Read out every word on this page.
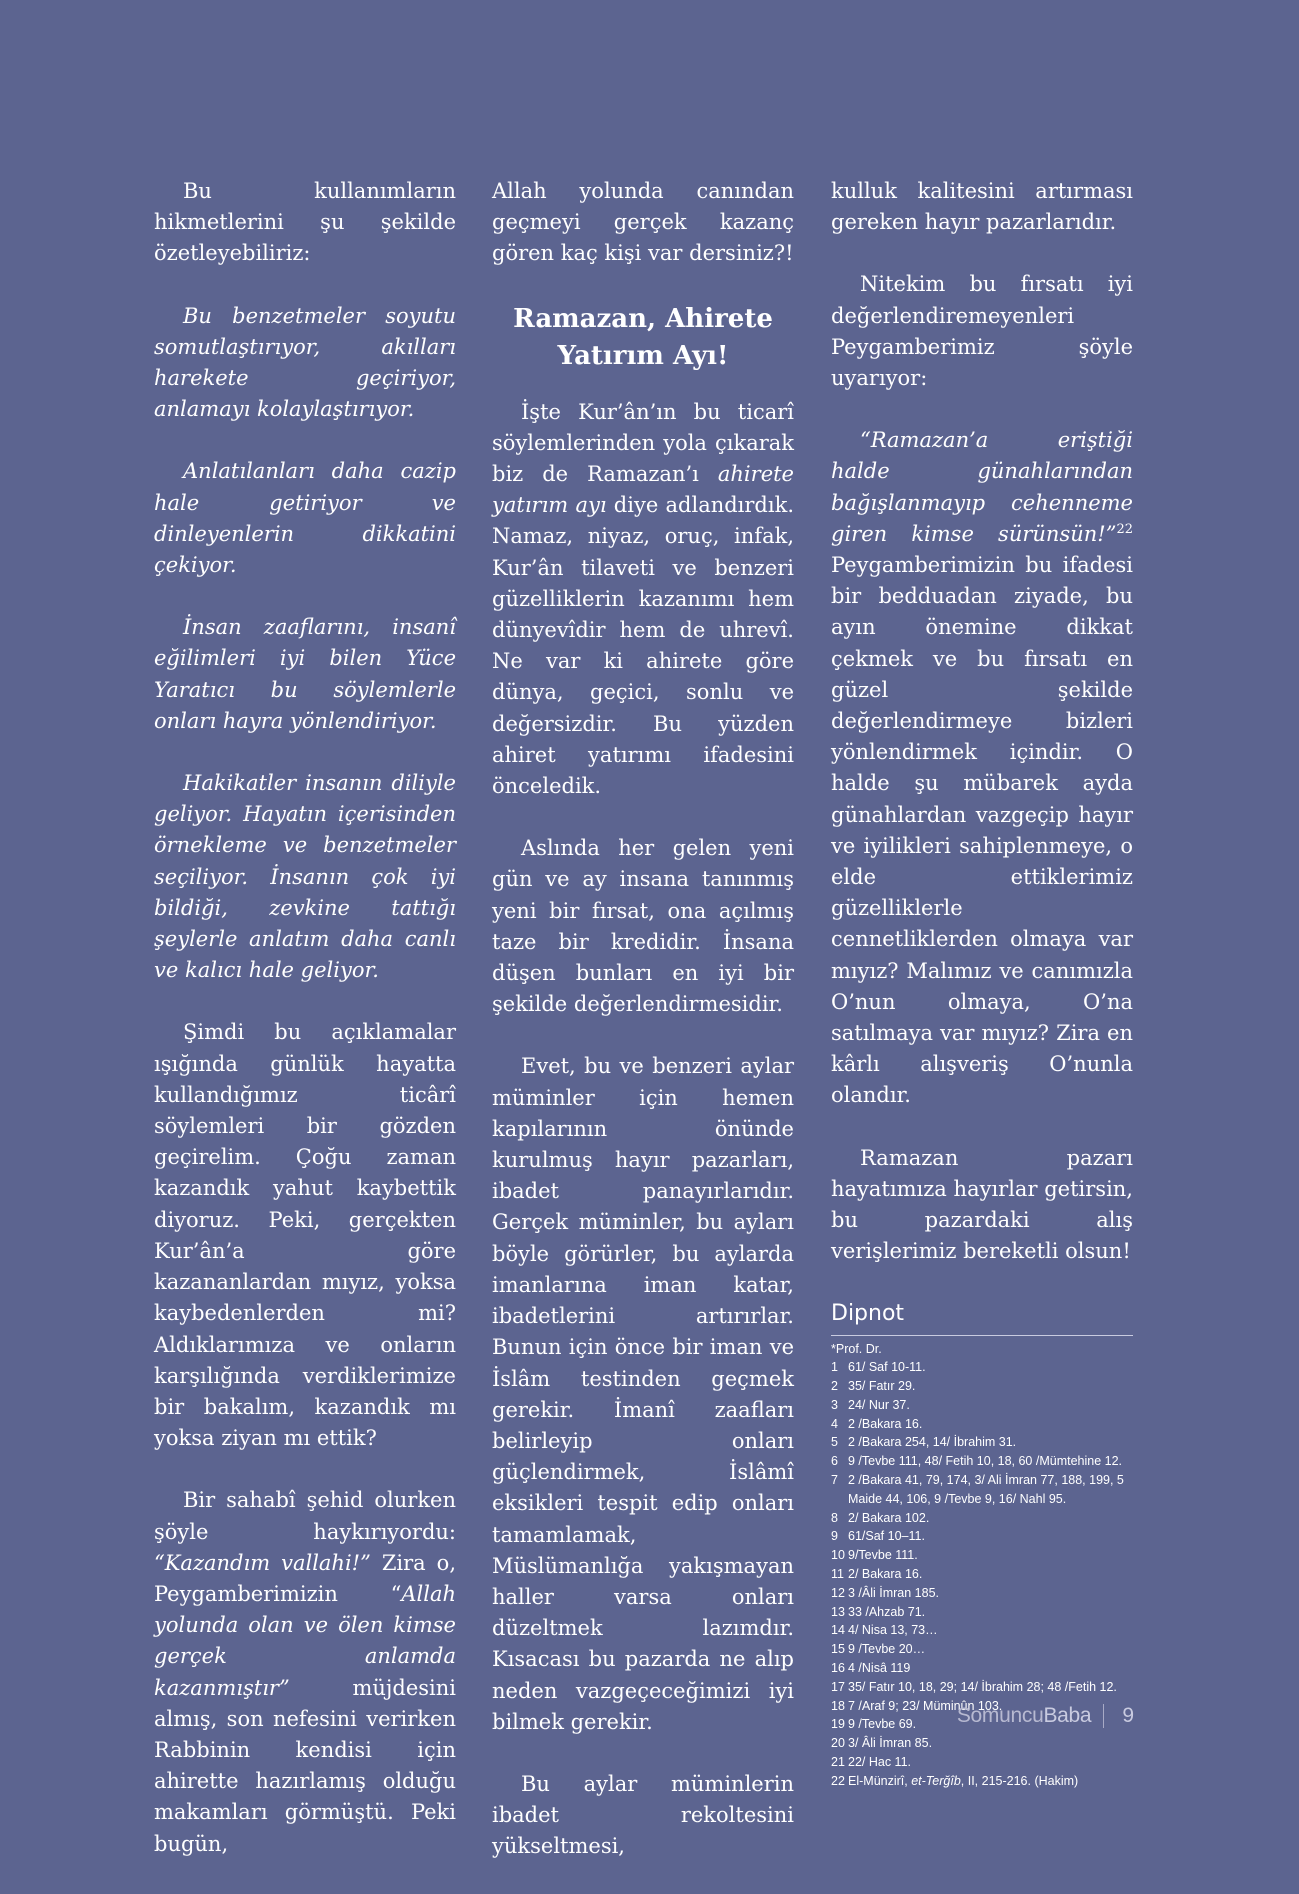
Bu kullanımların hikmetlerini şu şekilde özetleyebiliriz:

Bu benzetmeler soyutu somutlaştırıyor, akılları harekete geçiriyor, anlamayı kolaylaştırıyor.

Anlatılanları daha cazip hale getiriyor ve dinleyenlerin dikkatini çekiyor.

İnsan zaaflarını, insanî eğilimleri iyi bilen Yüce Yaratıcı bu söylemlerle onları hayra yönlendiriyor.

Hakikatler insanın diliyle geliyor. Hayatın içerisinden örnekleme ve benzetmeler seçiliyor. İnsanın çok iyi bildiği, zevkine tattığı şeylerle anlatım daha canlı ve kalıcı hale geliyor.

Şimdi bu açıklamalar ışığında günlük hayatta kullandığımız ticârî söylemleri bir gözden geçirelim. Çoğu zaman kazandık yahut kaybettik diyoruz. Peki, gerçekten Kur’ân’a göre kazananlardan mıyız, yoksa kaybedenlerden mi? Aldıklarımıza ve onların karşılığında verdiklerimize bir bakalım, kazandık mı yoksa ziyan mı ettik?

Bir sahabî şehid olurken şöyle haykırıyordu: “Kazandım vallahi!” Zira o, Peygamberimizin “Allah yolunda olan ve ölen kimse gerçek anlamda kazanmıştır” müjdesini almış, son nefesini verirken Rabbinin kendisi için ahirette hazırlamış olduğu makamları görmüştü. Peki bugün,

Allah yolunda canından geçmeyi gerçek kazanç gören kaç kişi var dersiniz?!

Ramazan, Ahirete Yatırım Ayı!

İşte Kur’ân’ın bu ticarî söylemlerinden yola çıkarak biz de Ramazan’ı ahirete yatırım ayı diye adlandırdık. Namaz, niyaz, oruç, infak, Kur’ân tilaveti ve benzeri güzelliklerin kazanımı hem dünyevîdir hem de uhrevî. Ne var ki ahirete göre dünya, geçici, sonlu ve değersizdir. Bu yüzden ahiret yatırımı ifadesini önceledik.

Aslında her gelen yeni gün ve ay insana tanınmış yeni bir fırsat, ona açılmış taze bir kredidir. İnsana düşen bunları en iyi bir şekilde değerlendirmesidir.

Evet, bu ve benzeri aylar müminler için hemen kapılarının önünde kurulmuş hayır pazarları, ibadet panayırlarıdır. Gerçek müminler, bu ayları böyle görürler, bu aylarda imanlarına iman katar, ibadetlerini artırırlar. Bunun için önce bir iman ve İslâm testinden geçmek gerekir. İmanî zaafları belirleyip onları güçlendirmek, İslâmî eksikleri tespit edip onları tamamlamak, Müslümanlığa yakışmayan haller varsa onları düzeltmek lazımdır. Kısacası bu pazarda ne alıp neden vazgeçeceğimizi iyi bilmek gerekir.

Bu aylar müminlerin ibadet rekoltesini yükseltmesi,

kulluk kalitesini artırması gereken hayır pazarlarıdır.

Nitekim bu fırsatı iyi değerlendiremeyenleri Peygamberimiz şöyle uyarıyor:

“Ramazan’a eriştiği halde günahlarından bağışlanmayıp cehenneme giren kimse sürünsün!”$^{22}$ Peygamberimizin bu ifadesi bir bedduadan ziyade, bu ayın önemine dikkat çekmek ve bu fırsatı en güzel şekilde değerlendirmeye bizleri yönlendirmek içindir. O halde şu mübarek ayda günahlardan vazgeçip hayır ve iyilikleri sahiplenmeye, o elde ettiklerimiz güzelliklerle cennetliklerden olmaya var mıyız? Malımız ve canımızla O’nun olmaya, O’na satılmaya var mıyız? Zira en kârlı alışveriş O’nunla olandır.

Ramazan pazarı hayatımıza hayırlar getirsin, bu pazardaki alış verişlerimiz bereketli olsun!

Dipnot
*Prof. Dr.
1 61/ Saf 10-11.
2 35/ Fatır 29.
3 24/ Nur 37.
4 2 /Bakara 16.
5 2 /Bakara 254, 14/ İbrahim 31.
6 9 /Tevbe 111, 48/ Fetih 10, 18, 60 /Mümtehine 12.
7 2 /Bakara 41, 79, 174, 3/ Ali İmran 77, 188, 199, 5 Maide 44, 106, 9 /Tevbe 9, 16/ Nahl 95.
8 2/ Bakara 102.
9 61/Saf 10–11.
10 9/Tevbe 111.
11 2/ Bakara 16.
12 3 /Âli İmran 185.
13 33 /Ahzab 71.
14 4/ Nisa 13, 73…
15 9 /Tevbe 20…
16 4 /Nisâ 119
17 35/ Fatır 10, 18, 29; 14/ İbrahim 28; 48 /Fetih 12.
18 7 /Araf 9; 23/ Müminûn 103.
19 9 /Tevbe 69.
20 3/ Âli İmran 85.
21 22/ Hac 11.
22 El-Münzirî, et-Terğîb, II, 215-216. (Hakim)
SomuncuBaba 9
